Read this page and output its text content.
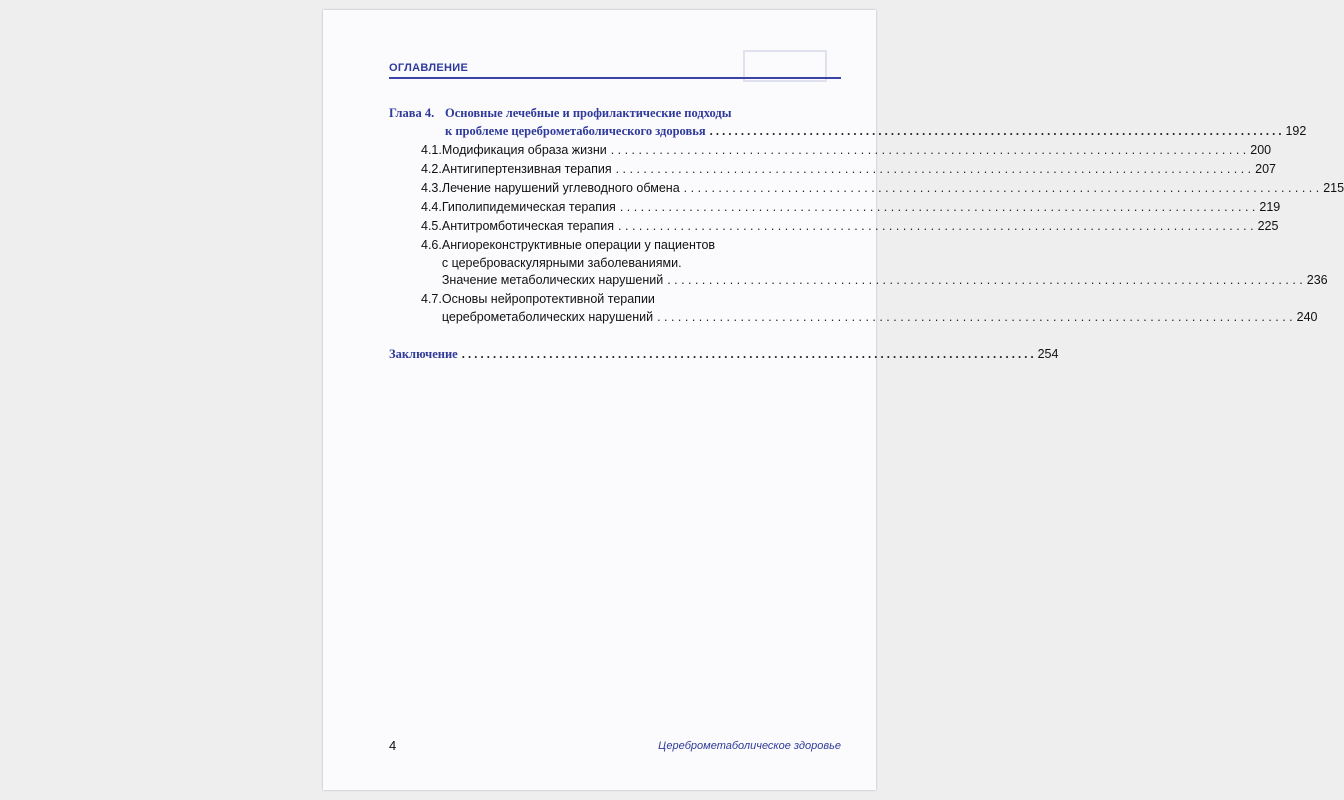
ОГЛАВЛЕНИЕ
Глава 4. Основные лечебные и профилактические подходы
к проблеме цереброметаболического здоровья . . .	192
4.1. Модификация образа жизни . . .	200
4.2. Антигипертензивная терапия . . .	207
4.3. Лечение нарушений углеводного обмена . . .	215
4.4. Гиполипидемическая терапия . . .	219
4.5. Антитромботическая терапия . . .	225
4.6. Ангиореконструктивные операции у пациентов
с цереброваскулярными заболеваниями.
Значение метаболических нарушений . . .	236
4.7. Основы нейропротективной терапии
цереброметаболических нарушений . . .	240
Заключение . . .	254
4	Цереброметаболическое здоровье
